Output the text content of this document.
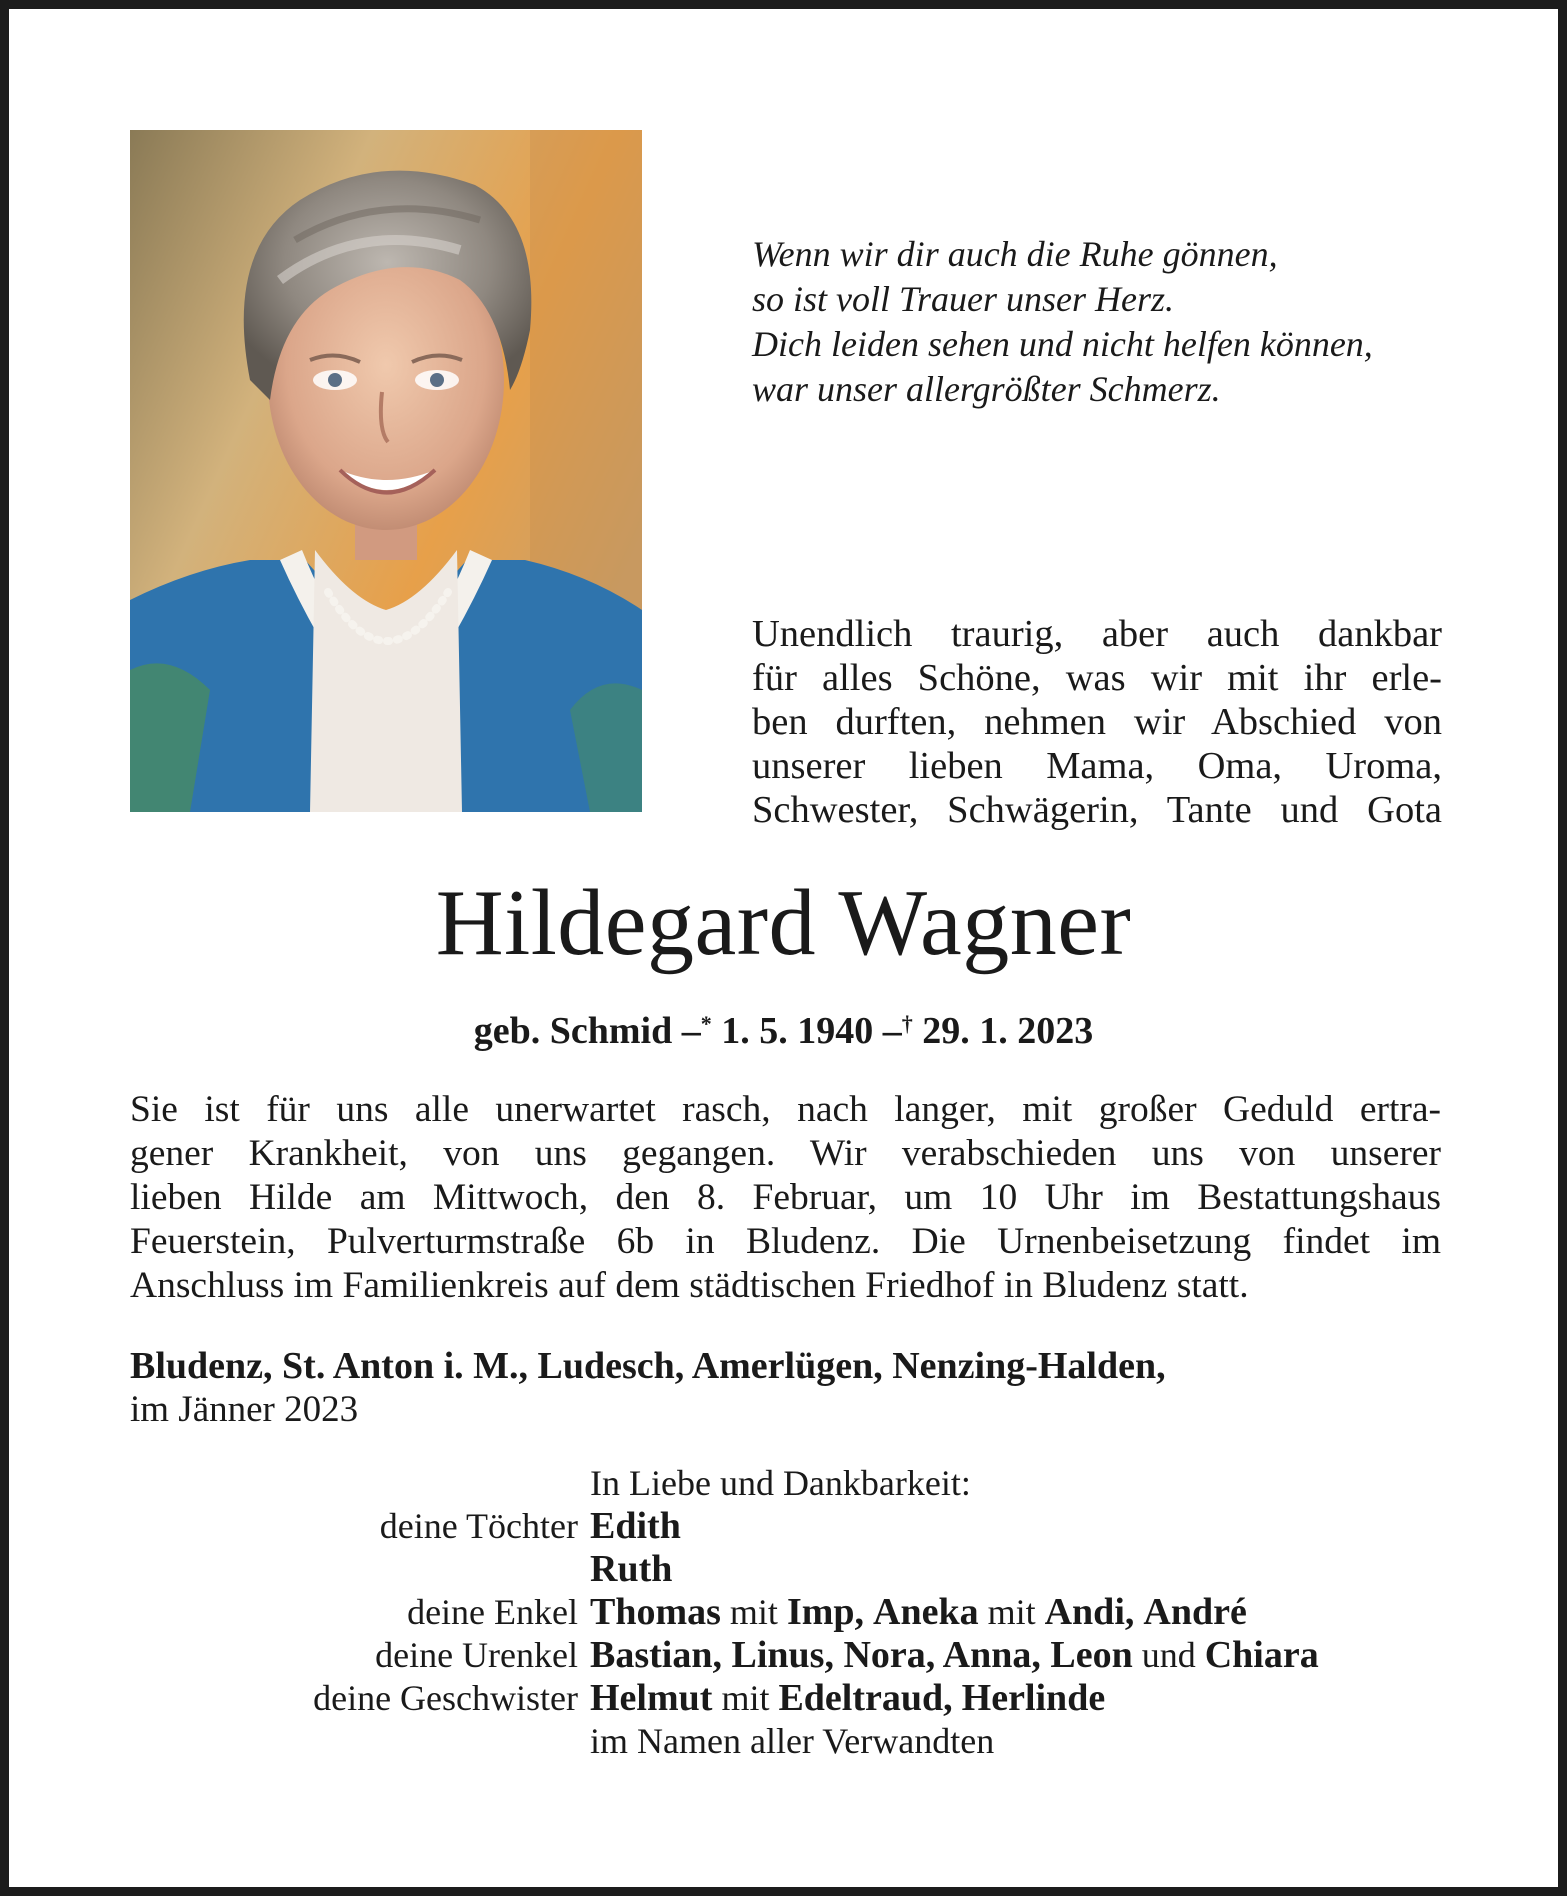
Wenn wir dir auch die Ruhe gönnen,
so ist voll Trauer unser Herz.
Dich leiden sehen und nicht helfen können,
war unser allergrößter Schmerz.
Unendlich traurig, aber auch dankbar
für alles Schöne, was wir mit ihr erle-
ben durften, nehmen wir Abschied von
unserer lieben Mama, Oma, Uroma,
Schwester, Schwägerin, Tante und Gota
Hildegard Wagner
geb. Schmid –* 1. 5. 1940 –† 29. 1. 2023
Sie ist für uns alle unerwartet rasch, nach langer, mit großer Geduld ertra-
gener Krankheit, von uns gegangen. Wir verabschieden uns von unserer
lieben Hilde am Mittwoch, den 8. Februar, um 10 Uhr im Bestattungshaus
Feuerstein, Pulverturmstraße 6b in Bludenz. Die Urnenbeisetzung findet im
Anschluss im Familienkreis auf dem städtischen Friedhof in Bludenz statt.
Bludenz, St. Anton i. M., Ludesch, Amerlügen, Nenzing-Halden,
im Jänner 2023
In Liebe und Dankbarkeit:
deine Töchter Edith
Ruth
deine Enkel Thomas mit Imp, Aneka mit Andi, André
deine Urenkel Bastian, Linus, Nora, Anna, Leon und Chiara
deine Geschwister Helmut mit Edeltraud, Herlinde
im Namen aller Verwandten
